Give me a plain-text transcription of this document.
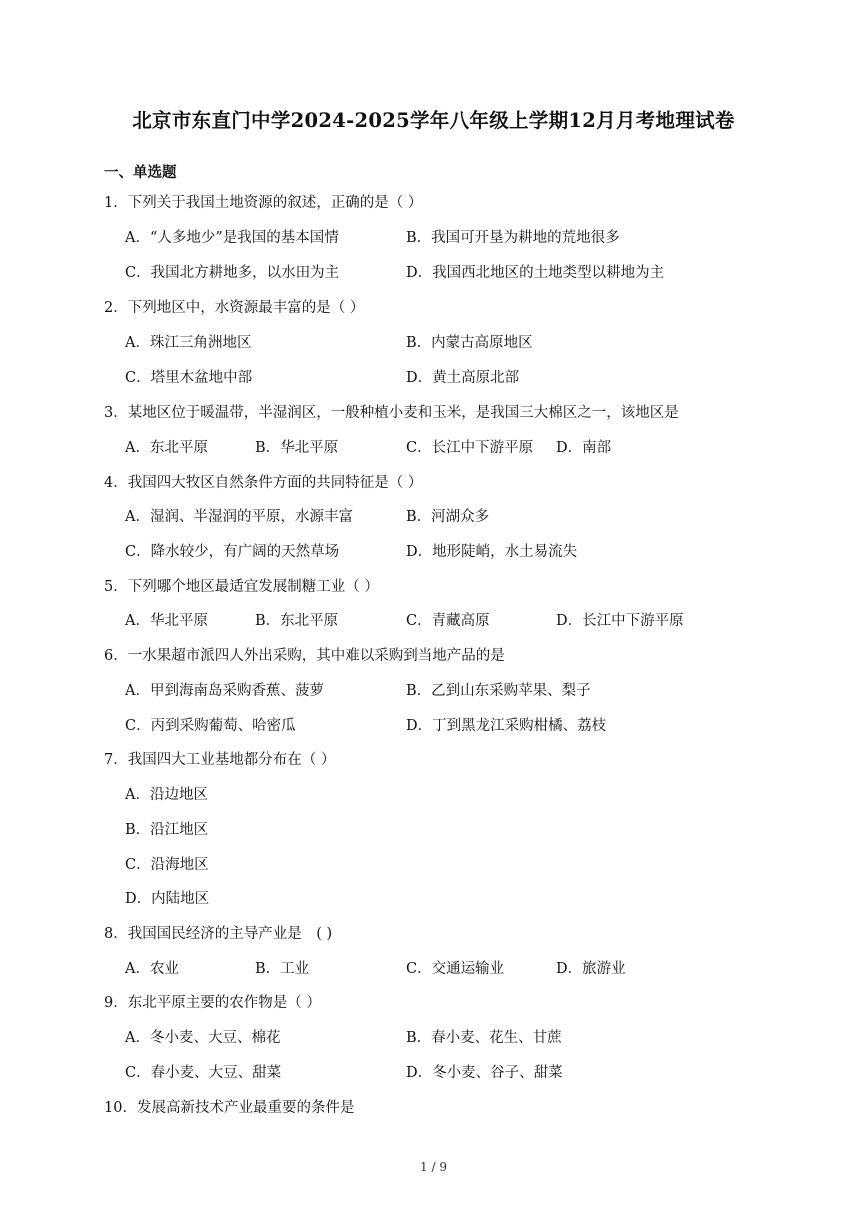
北京市东直门中学2024-2025学年八年级上学期12月月考地理试卷
一、单选题
1．下列关于我国土地资源的叙述，正确的是（ ）
A．“人多地少”是我国的基本国情	B．我国可开垦为耕地的荒地很多
C．我国北方耕地多，以水田为主	D．我国西北地区的土地类型以耕地为主
2．下列地区中，水资源最丰富的是（ ）
A．珠江三角洲地区	B．内蒙古高原地区
C．塔里木盆地中部	D．黄土高原北部
3．某地区位于暖温带，半湿润区，一般种植小麦和玉米，是我国三大棉区之一，该地区是
A．东北平原	B．华北平原	C．长江中下游平原 D．南部
4．我国四大牧区自然条件方面的共同特征是（ ）
A．湿润、半湿润的平原，水源丰富	B．河湖众多
C．降水较少，有广阔的天然草场	D．地形陡峭，水土易流失
5．下列哪个地区最适宜发展制糖工业（ ）
A．华北平原	B．东北平原	C．青藏高原	D．长江中下游平原
6．一水果超市派四人外出采购，其中难以采购到当地产品的是
A．甲到海南岛采购香蕉、菠萝	B．乙到山东采购苹果、梨子
C．丙到采购葡萄、哈密瓜	D．丁到黑龙江采购柑橘、荔枝
7．我国四大工业基地都分布在（ ）
A．沿边地区
B．沿江地区
C．沿海地区
D．内陆地区
8．我国国民经济的主导产业是　( )
A．农业	B．工业	C．交通运输业	D．旅游业
9．东北平原主要的农作物是（ ）
A．冬小麦、大豆、棉花	B．春小麦、花生、甘蔗
C．春小麦、大豆、甜菜	D．冬小麦、谷子、甜菜
10．发展高新技术产业最重要的条件是
1 / 9
